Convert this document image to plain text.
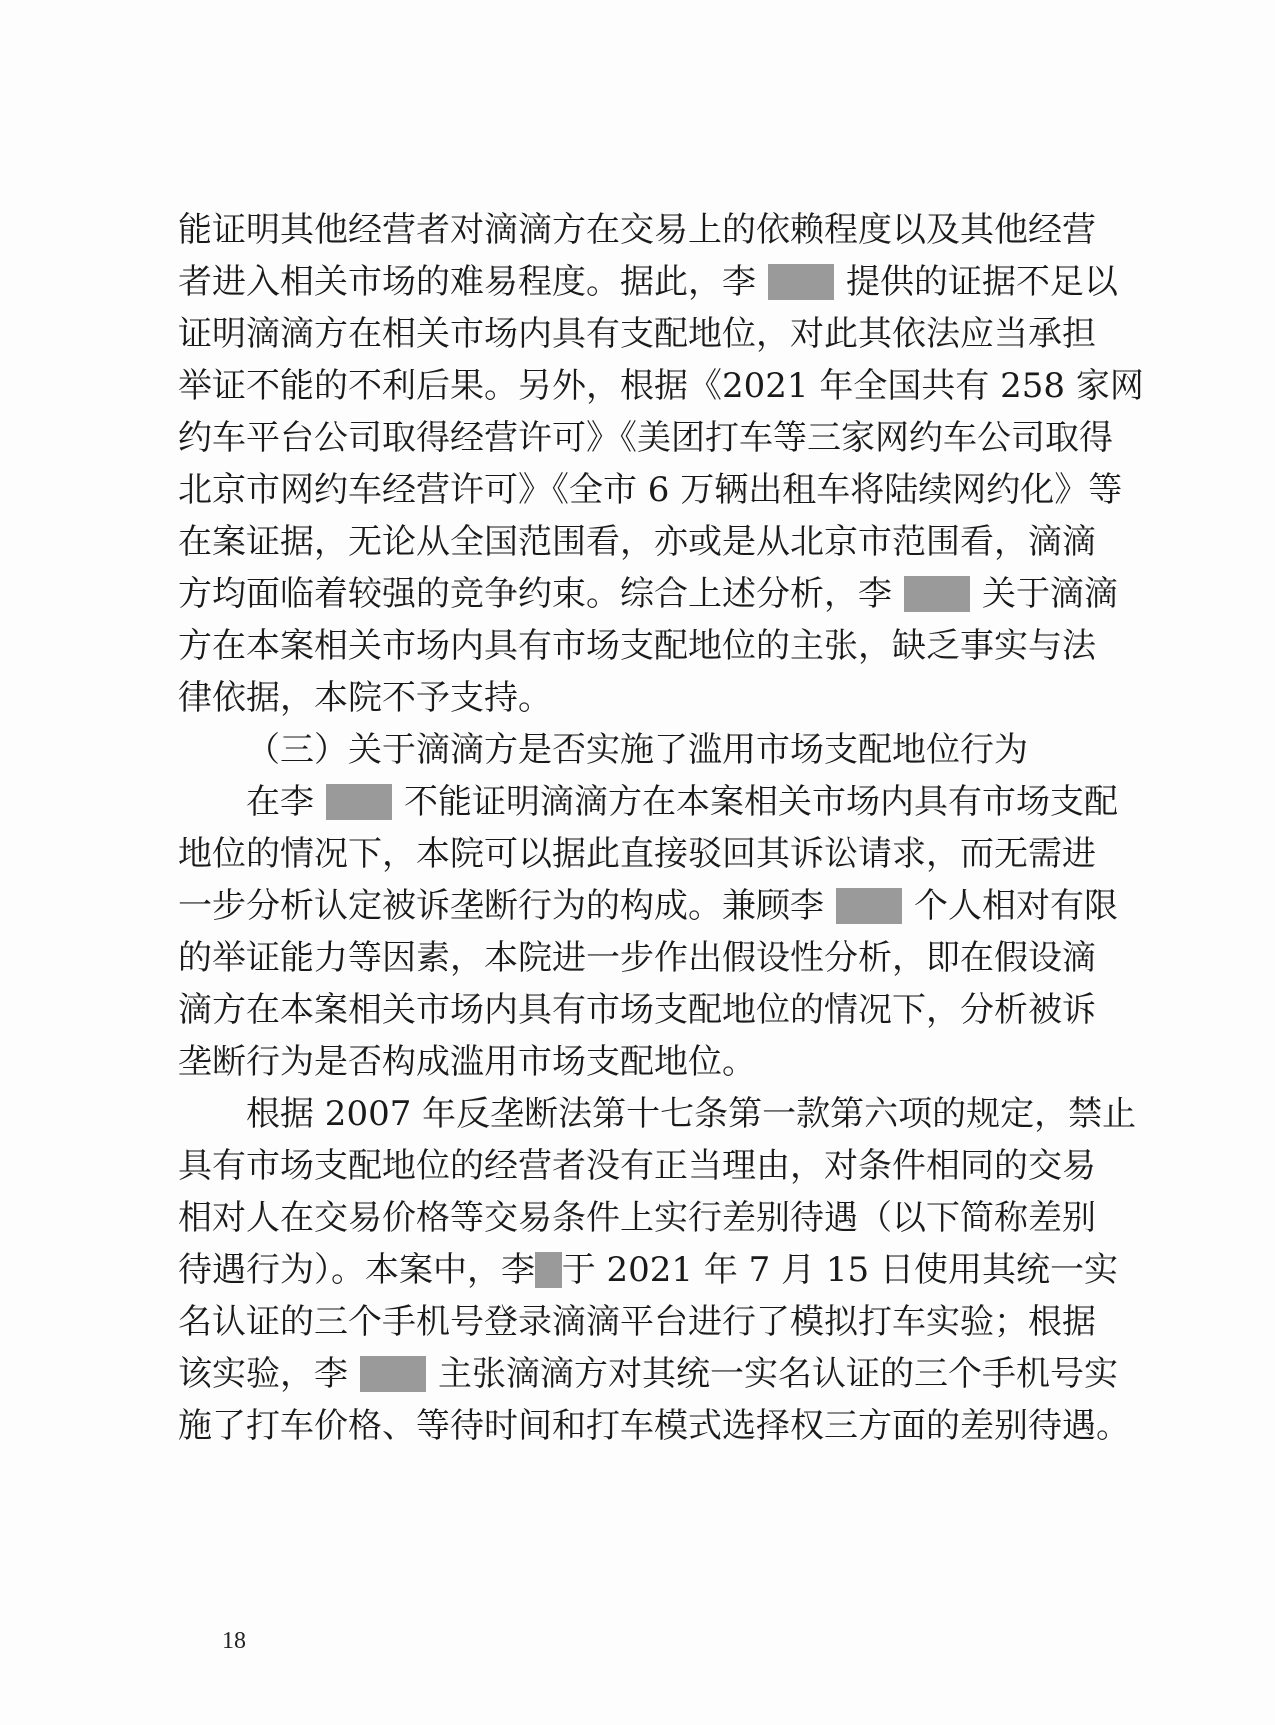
能证明其他经营者对滴滴方在交易上的依赖程度以及其他经营
者进入相关市场的难易程度。据此，李	提供的证据不足以
证明滴滴方在相关市场内具有支配地位，对此其依法应当承担
举证不能的不利后果。另外，根据《2021 年全国共有 258 家网
约车平台公司取得经营许可》《美团打车等三家网约车公司取得
北京市网约车经营许可》《全市 6 万辆出租车将陆续网约化》等
在案证据，无论从全国范围看，亦或是从北京市范围看，滴滴
方均面临着较强的竞争约束。综合上述分析，李	关于滴滴
方在本案相关市场内具有市场支配地位的主张，缺乏事实与法
律依据，本院不予支持。
（三）关于滴滴方是否实施了滥用市场支配地位行为
在李	不能证明滴滴方在本案相关市场内具有市场支配
地位的情况下，本院可以据此直接驳回其诉讼请求，而无需进
一步分析认定被诉垄断行为的构成。兼顾李	个人相对有限
的举证能力等因素，本院进一步作出假设性分析，即在假设滴
滴方在本案相关市场内具有市场支配地位的情况下，分析被诉
垄断行为是否构成滥用市场支配地位。
根据 2007 年反垄断法第十七条第一款第六项的规定，禁止
具有市场支配地位的经营者没有正当理由，对条件相同的交易
相对人在交易价格等交易条件上实行差别待遇（以下简称差别
待遇行为）。本案中，李 于 2021 年 7 月 15 日使用其统一实
名认证的三个手机号登录滴滴平台进行了模拟打车实验；根据
该实验，李	主张滴滴方对其统一实名认证的三个手机号实
施了打车价格、等待时间和打车模式选择权三方面的差别待遇。
18
